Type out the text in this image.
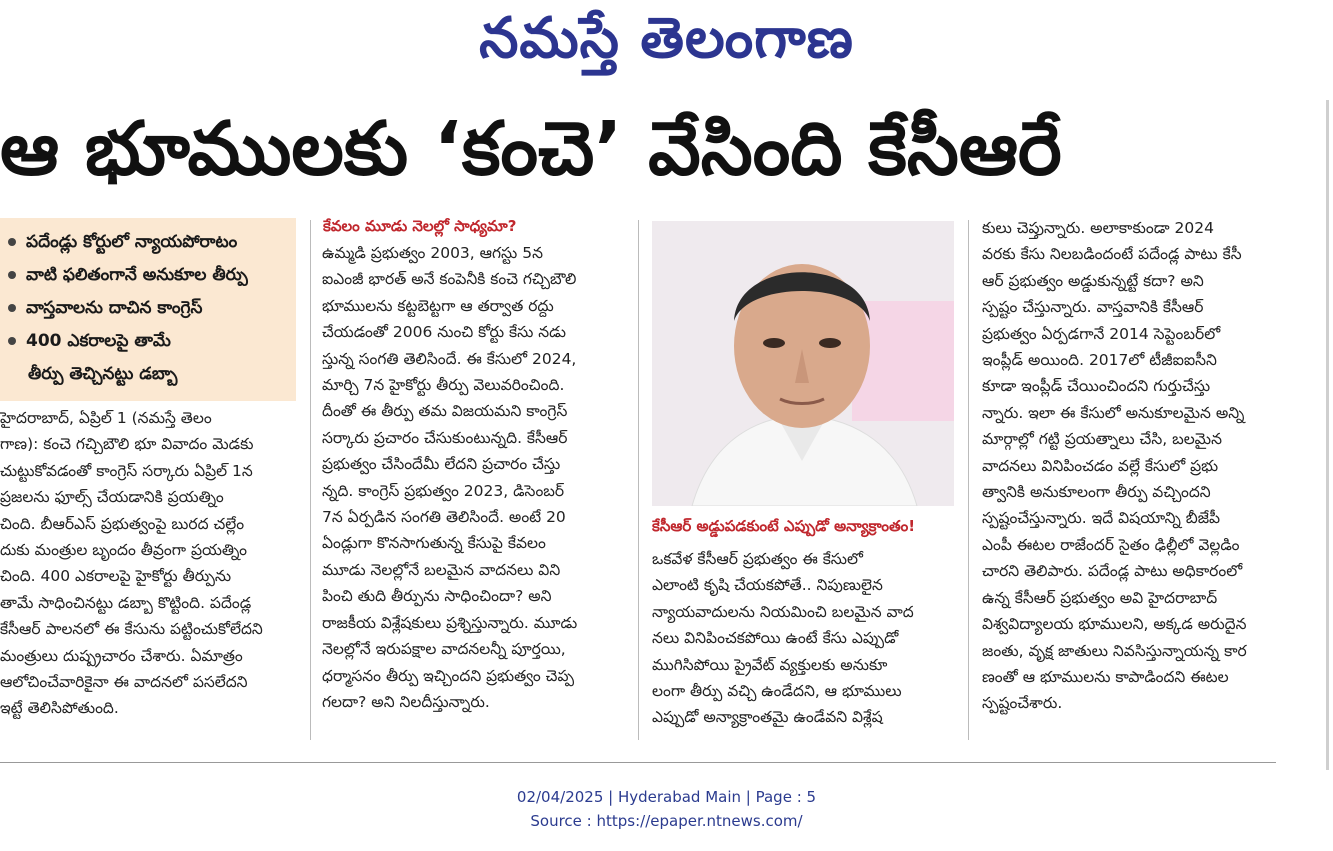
నమస్తే తెలంగాణ
ఆ భూములకు ‘కంచె’ వేసింది కేసీఆరే
పదేండ్లు కోర్టులో న్యాయపోరాటం
వాటి ఫలితంగానే అనుకూల తీర్పు
వాస్తవాలను దాచిన కాంగ్రెస్
400 ఎకరాలపై తామే
తీర్పు తెచ్చినట్టు డబ్బా
హైదరాబాద్, ఏప్రిల్ 1 (నమస్తే తెలం
గాణ): కంచె గచ్చిబౌలి భూ వివాదం మెడకు
చుట్టుకోవడంతో కాంగ్రెస్ సర్కారు ఏప్రిల్ 1న
ప్రజలను ఫూల్స్ చేయడానికి ప్రయత్నిం
చింది. బీఆర్‌ఎస్ ప్రభుత్వంపై బురద చల్లేం
దుకు మంత్రుల బృందం తీవ్రంగా ప్రయత్నిం
చింది. 400 ఎకరాలపై హైకోర్టు తీర్పును
తామే సాధించినట్టు డబ్బా కొట్టింది. పదేండ్ల
కేసీఆర్ పాలనలో ఈ కేసును పట్టించుకోలేదని
మంత్రులు దుష్ప్రచారం చేశారు. ఏమాత్రం
ఆలోచించేవారికైనా ఈ వాదనలో పసలేదని
ఇట్టే తెలిసిపోతుంది.
కేవలం మూడు నెలల్లో సాధ్యమా?
ఉమ్మడి ప్రభుత్వం 2003, ఆగస్టు 5న
ఐఎంజీ భారత్ అనే కంపెనీకి కంచె గచ్చిబౌలి
భూములను కట్టబెట్టగా ఆ తర్వాత రద్దు
చేయడంతో 2006 నుంచి కోర్టు కేసు నడు
స్తున్న సంగతి తెలిసిందే. ఈ కేసులో 2024,
మార్చి 7న హైకోర్టు తీర్పు వెలువరించింది.
దీంతో ఈ తీర్పు తమ విజయమని కాంగ్రెస్
సర్కారు ప్రచారం చేసుకుంటున్నది. కేసీఆర్
ప్రభుత్వం చేసిందేమీ లేదని ప్రచారం చేస్తు
న్నది. కాంగ్రెస్ ప్రభుత్వం 2023, డిసెంబర్
7న ఏర్పడిన సంగతి తెలిసిందే. అంటే 20
ఏండ్లుగా కొనసాగుతున్న కేసుపై కేవలం
మూడు నెలల్లోనే బలమైన వాదనలు విని
పించి తుది తీర్పును సాధించిందా? అని
రాజకీయ విశ్లేషకులు ప్రశ్నిస్తున్నారు. మూడు
నెలల్లోనే ఇరుపక్షాల వాదనలన్నీ పూర్తయి,
ధర్మాసనం తీర్పు ఇచ్చిందని ప్రభుత్వం చెప్ప
గలదా? అని నిలదీస్తున్నారు.
కేసీఆర్ అడ్డుపడకుంటే ఎప్పుడో అన్యాక్రాంతం!
ఒకవేళ కేసీఆర్ ప్రభుత్వం ఈ కేసులో
ఎలాంటి కృషి చేయకపోతే.. నిపుణులైన
న్యాయవాదులను నియమించి బలమైన వాద
నలు వినిపించకపోయి ఉంటే కేసు ఎప్పుడో
ముగిసిపోయి ప్రైవేట్ వ్యక్తులకు అనుకూ
లంగా తీర్పు వచ్చి ఉండేదని, ఆ భూములు
ఎప్పుడో అన్యాక్రాంతమై ఉండేవని విశ్లేష
కులు చెప్తున్నారు. అలాకాకుండా 2024
వరకు కేసు నిలబడిందంటే పదేండ్ల పాటు కేసీ
ఆర్ ప్రభుత్వం అడ్డుకున్నట్టే కదా? అని
స్పష్టం చేస్తున్నారు. వాస్తవానికి కేసీఆర్
ప్రభుత్వం ఏర్పడగానే 2014 సెప్టెంబర్‌లో
ఇంప్లీడ్ అయింది. 2017లో టీజీఐఐసీని
కూడా ఇంప్లీడ్ చేయించిందని గుర్తుచేస్తు
న్నారు. ఇలా ఈ కేసులో అనుకూలమైన అన్ని
మార్గాల్లో గట్టి ప్రయత్నాలు చేసి, బలమైన
వాదనలు వినిపించడం వల్లే కేసులో ప్రభు
త్వానికి అనుకూలంగా తీర్పు వచ్చిందని
స్పష్టంచేస్తున్నారు. ఇదే విషయాన్ని బీజేపీ
ఎంపీ ఈటల రాజేందర్ సైతం ఢిల్లీలో వెల్లడిం
చారని తెలిపారు. పదేండ్ల పాటు అధికారంలో
ఉన్న కేసీఆర్ ప్రభుత్వం అవి హైదరాబాద్
విశ్వవిద్యాలయ భూములని, అక్కడ అరుదైన
జంతు, వృక్ష జాతులు నివసిస్తున్నాయన్న కార
ణంతో ఆ భూములను కాపాడిందని ఈటల
స్పష్టంచేశారు.
02/04/2025 | Hyderabad Main | Page : 5
Source : https://epaper.ntnews.com/
